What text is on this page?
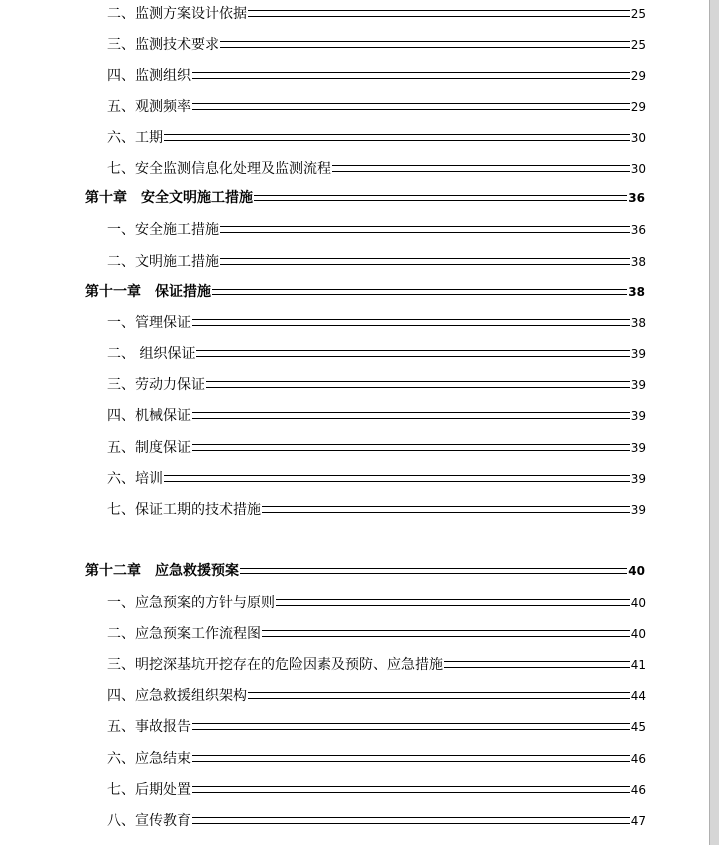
二、监测方案设计依据	25
三、监测技术要求	25
四、监测组织	29
五、观测频率	29
六、工期	30
七、安全监测信息化处理及监测流程	30
第十章　安全文明施工措施	36
一、安全施工措施	36
二、文明施工措施	38
第十一章　保证措施	38
一、管理保证	38
二、 组织保证	39
三、劳动力保证	39
四、机械保证	39
五、制度保证	39
六、培训	39
七、保证工期的技术措施	39
第十二章　应急救援预案	40
一、应急预案的方针与原则	40
二、应急预案工作流程图	40
三、明挖深基坑开挖存在的危险因素及预防、应急措施	41
四、应急救援组织架构	44
五、事故报告	45
六、应急结束	46
七、后期处置	46
八、宣传教育	47
